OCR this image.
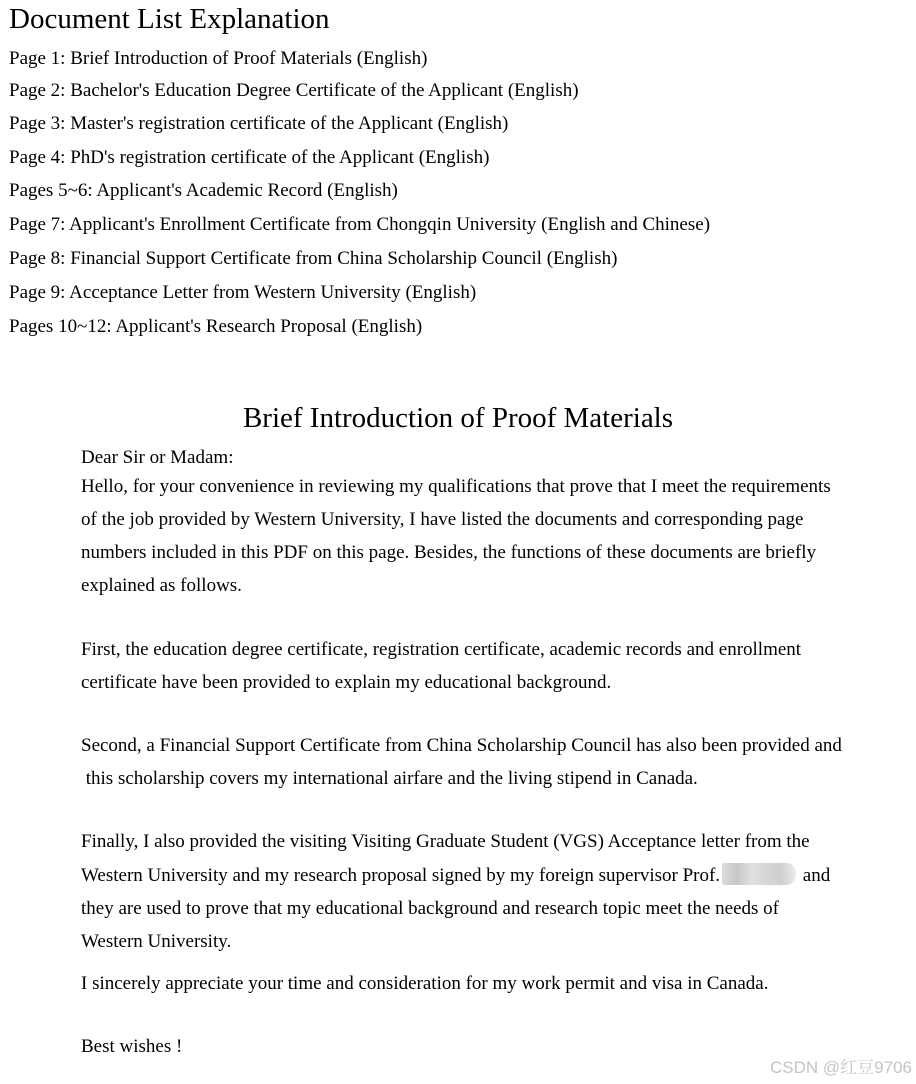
Document List Explanation
Page 1: Brief Introduction of Proof Materials (English)
Page 2: Bachelor's Education Degree Certificate of the Applicant (English)
Page 3: Master's registration certificate of the Applicant (English)
Page 4: PhD's registration certificate of the Applicant (English)
Pages 5~6: Applicant's Academic Record (English)
Page 7: Applicant's Enrollment Certificate from Chongqin University (English and Chinese)
Page 8: Financial Support Certificate from China Scholarship Council (English)
Page 9: Acceptance Letter from Western University (English)
Pages 10~12: Applicant's Research Proposal (English)
Brief Introduction of Proof Materials
Dear Sir or Madam:
Hello, for your convenience in reviewing my qualifications that prove that I meet the requirements
of the job provided by Western University, I have listed the documents and corresponding page
numbers included in this PDF on this page. Besides, the functions of these documents are briefly
explained as follows.
First, the education degree certificate, registration certificate, academic records and enrollment
certificate have been provided to explain my educational background.
Second, a Financial Support Certificate from China Scholarship Council has also been provided and
this scholarship covers my international airfare and the living stipend in Canada.
Finally, I also provided the visiting Visiting Graduate Student (VGS) Acceptance letter from the
Western University and my research proposal signed by my foreign supervisor Prof.	and
they are used to prove that my educational background and research topic meet the needs of
Western University.
I sincerely appreciate your time and consideration for my work permit and visa in Canada.
Best wishes !
CSDN @红豆9706
